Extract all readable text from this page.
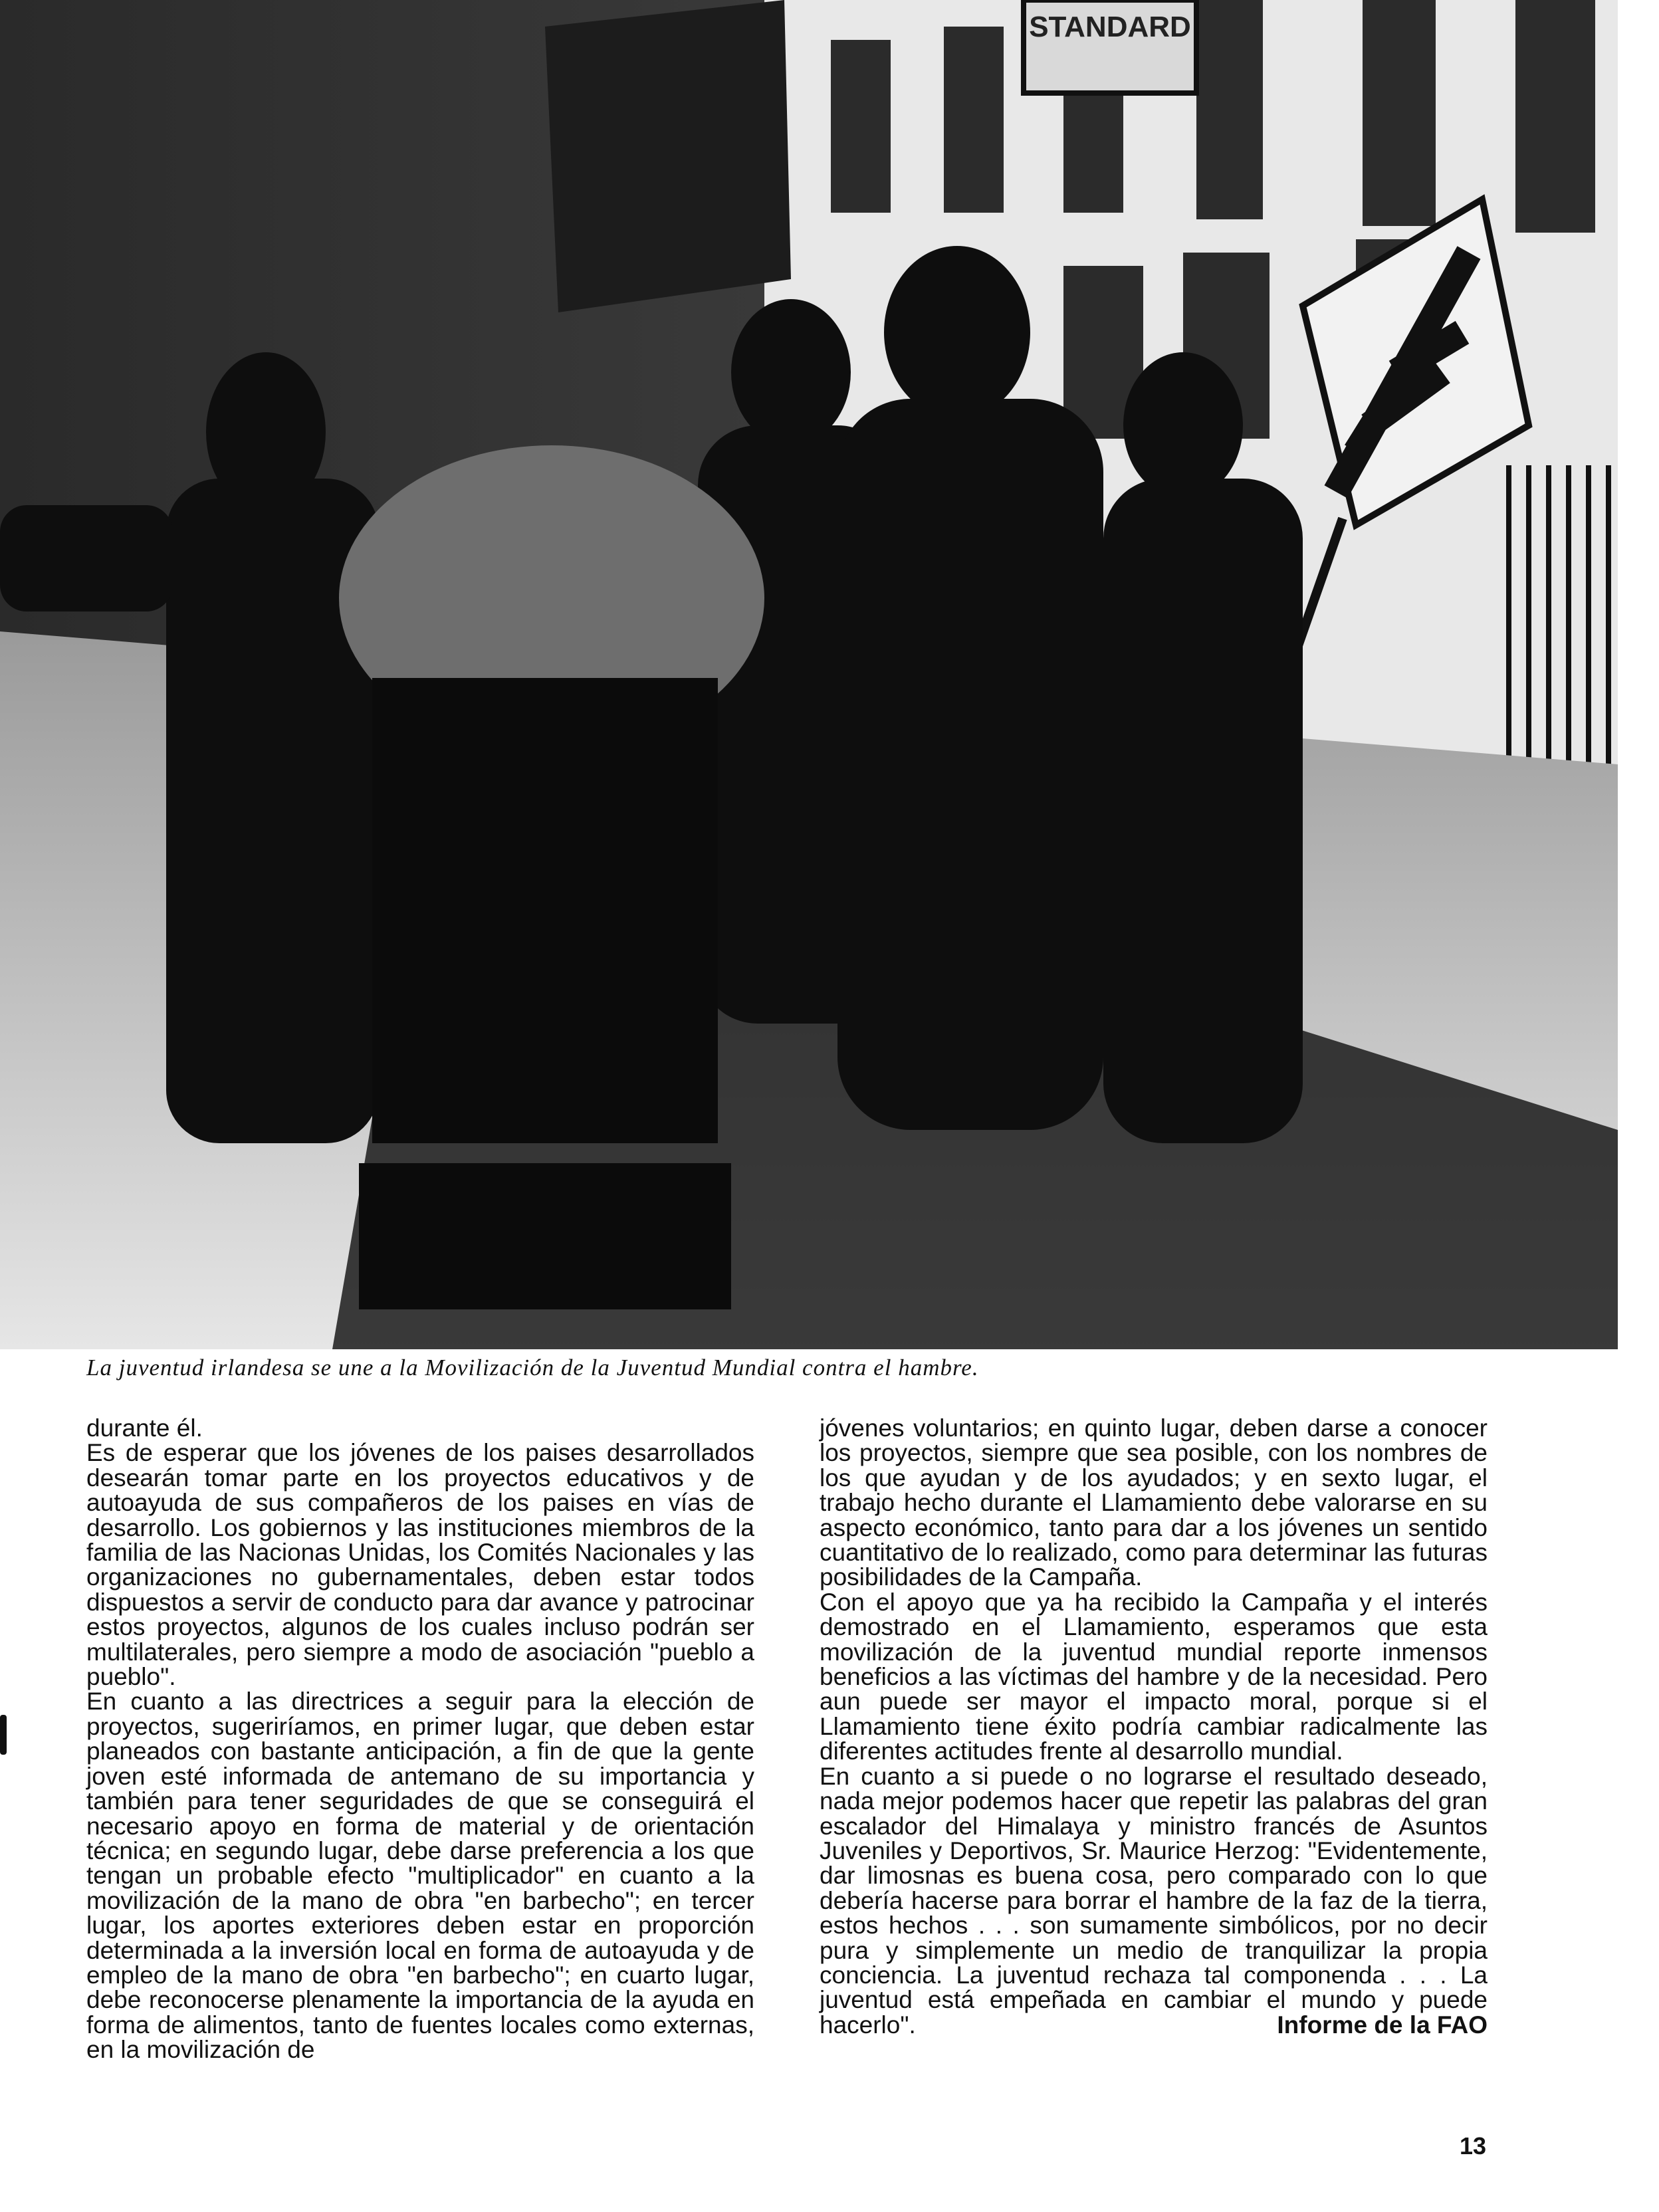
STANDARD
La juventud irlandesa se une a la Movilización de la Juventud Mundial contra el hambre.

durante él.

Es de esperar que los jóvenes de los paises desarrollados desearán tomar parte en los proyectos educativos y de autoayuda de sus compañeros de los paises en vías de desarrollo. Los gobiernos y las instituciones miembros de la familia de las Nacionas Unidas, los Comités Nacionales y las organizaciones no gubernamentales, deben estar todos dispuestos a servir de conducto para dar avance y patrocinar estos proyectos, algunos de los cuales incluso podrán ser multilaterales, pero siempre a modo de asociación "pueblo a pueblo".

En cuanto a las directrices a seguir para la elección de proyectos, sugeriríamos, en primer lugar, que deben estar planeados con bastante anticipación, a fin de que la gente joven esté informada de antemano de su importancia y también para tener seguridades de que se conseguirá el necesario apoyo en forma de material y de orientación técnica; en segundo lugar, debe darse preferencia a los que tengan un probable efecto "multiplicador" en cuanto a la movilización de la mano de obra "en barbecho"; en tercer lugar, los aportes exteriores deben estar en proporción determinada a la inversión local en forma de autoayuda y de empleo de la mano de obra "en barbecho"; en cuarto lugar, debe reconocerse plenamente la importancia de la ayuda en forma de alimentos, tanto de fuentes locales como externas, en la movilización de

jóvenes voluntarios; en quinto lugar, deben darse a conocer los proyectos, siempre que sea posible, con los nombres de los que ayudan y de los ayudados; y en sexto lugar, el trabajo hecho durante el Llamamiento debe valorarse en su aspecto económico, tanto para dar a los jóvenes un sentido cuantitativo de lo realizado, como para determinar las futuras posibilidades de la Campaña.

Con el apoyo que ya ha recibido la Campaña y el interés demostrado en el Llamamiento, esperamos que esta movilización de la juventud mundial reporte inmensos beneficios a las víctimas del hambre y de la necesidad. Pero aun puede ser mayor el impacto moral, porque si el Llamamiento tiene éxito podría cambiar radicalmente las diferentes actitudes frente al desarrollo mundial.

En cuanto a si puede o no lograrse el resultado deseado, nada mejor podemos hacer que repetir las palabras del gran escalador del Himalaya y ministro francés de Asuntos Juveniles y Deportivos, Sr. Maurice Herzog: "Evidentemente, dar limosnas es buena cosa, pero comparado con lo que debería hacerse para borrar el hambre de la faz de la tierra, estos hechos . . . son sumamente simbólicos, por no decir pura y simplemente un medio de tranquilizar la propia conciencia. La juventud rechaza tal componenda . . . La juventud está empeñada en cambiar el mundo y puede hacerlo".	Informe de la FAO

13
